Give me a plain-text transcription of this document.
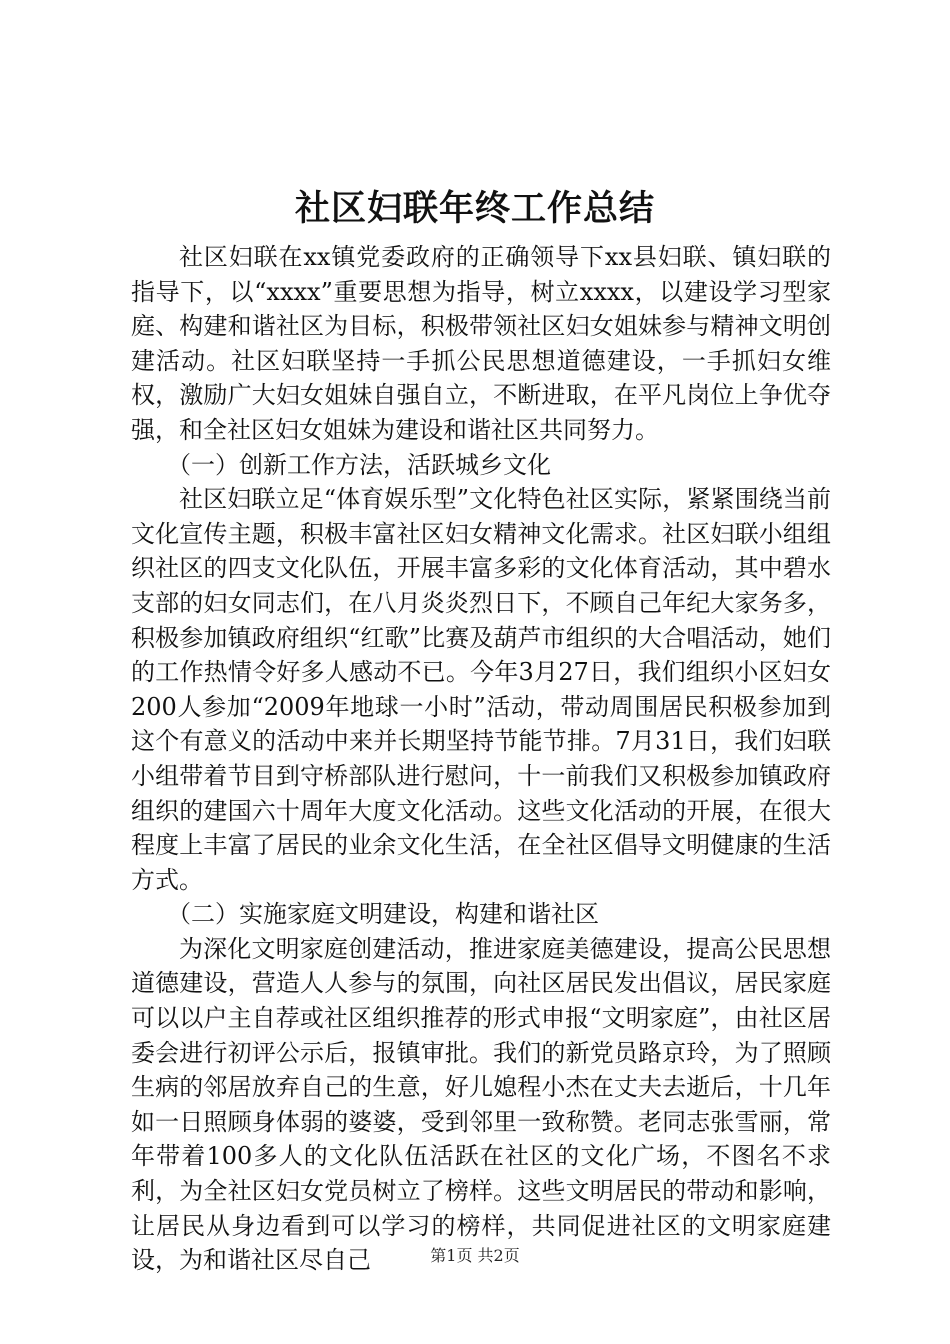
社区妇联年终工作总结

社区妇联在xx镇党委政府的正确领导下xx县妇联、镇妇联的指导下，以“xxxx”重要思想为指导，树立xxxx，以建设学习型家庭、构建和谐社区为目标，积极带领社区妇女姐妹参与精神文明创建活动。社区妇联坚持一手抓公民思想道德建设，一手抓妇女维权，激励广大妇女姐妹自强自立，不断进取，在平凡岗位上争优夺强，和全社区妇女姐妹为建设和谐社区共同努力。

（一）创新工作方法，活跃城乡文化

社区妇联立足“体育娱乐型”文化特色社区实际，紧紧围绕当前文化宣传主题，积极丰富社区妇女精神文化需求。社区妇联小组组织社区的四支文化队伍，开展丰富多彩的文化体育活动，其中碧水支部的妇女同志们，在八月炎炎烈日下，不顾自己年纪大家务多，积极参加镇政府组织“红歌”比赛及葫芦市组织的大合唱活动，她们的工作热情令好多人感动不已。今年3月27日，我们组织小区妇女200人参加“2009年地球一小时”活动，带动周围居民积极参加到这个有意义的活动中来并长期坚持节能节排。7月31日，我们妇联小组带着节目到守桥部队进行慰问，十一前我们又积极参加镇政府组织的建国六十周年大度文化活动。这些文化活动的开展，在很大程度上丰富了居民的业余文化生活，在全社区倡导文明健康的生活方式。

（二）实施家庭文明建设，构建和谐社区

为深化文明家庭创建活动，推进家庭美德建设，提高公民思想道德建设，营造人人参与的氛围，向社区居民发出倡议，居民家庭可以以户主自荐或社区组织推荐的形式申报“文明家庭”，由社区居委会进行初评公示后，报镇审批。我们的新党员路京玲，为了照顾生病的邻居放弃自己的生意，好儿媳程小杰在丈夫去逝后，十几年如一日照顾身体弱的婆婆，受到邻里一致称赞。老同志张雪丽，常年带着100多人的文化队伍活跃在社区的文化广场，不图名不求利，为全社区妇女党员树立了榜样。这些文明居民的带动和影响，让居民从身边看到可以学习的榜样，共同促进社区的文明家庭建设，为和谐社区尽自己	第1页 共2页
